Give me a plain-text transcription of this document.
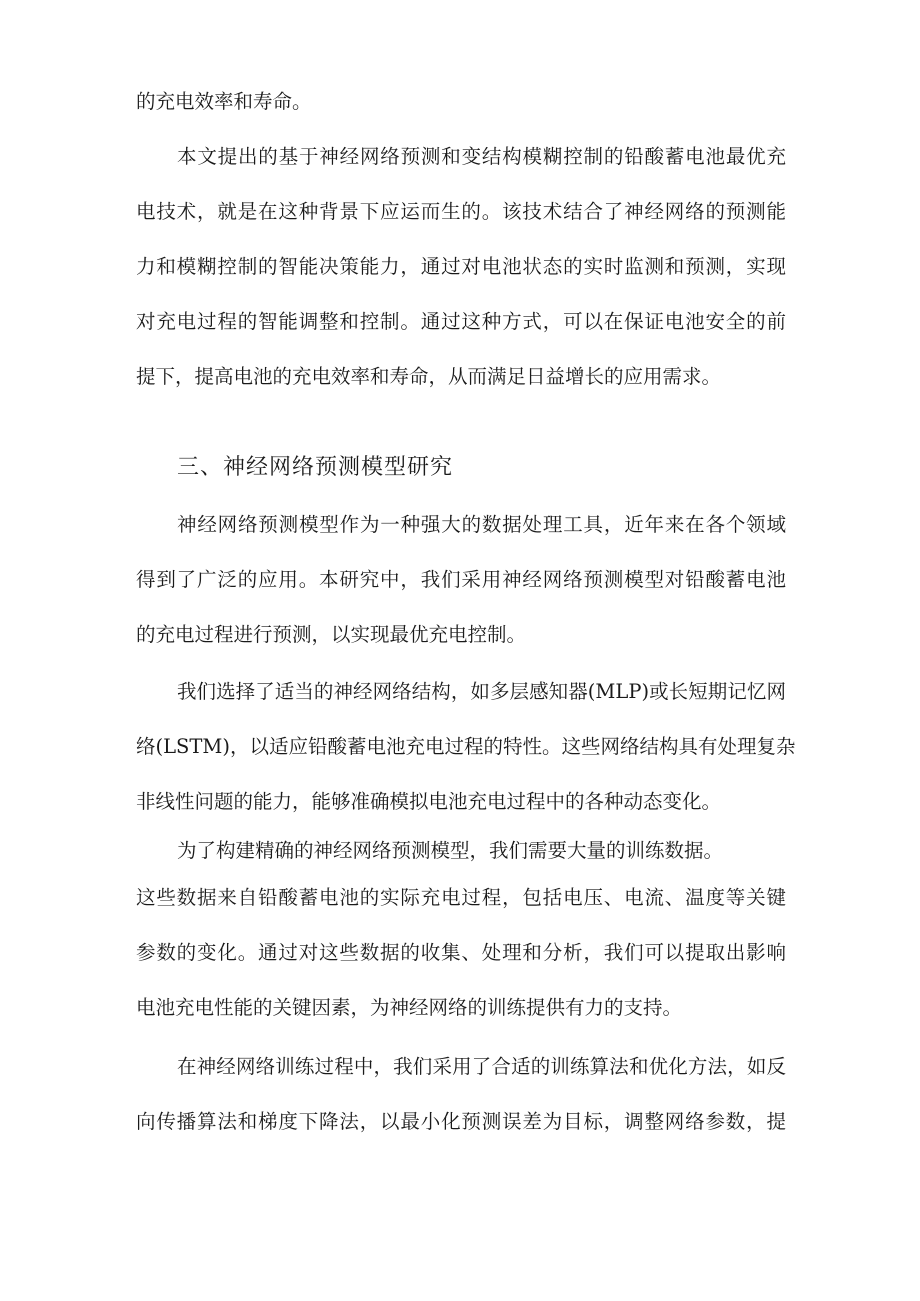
的充电效率和寿命。
本文提出的基于神经网络预测和变结构模糊控制的铅酸蓄电池最优充
电技术，就是在这种背景下应运而生的。该技术结合了神经网络的预测能
力和模糊控制的智能决策能力，通过对电池状态的实时监测和预测，实现
对充电过程的智能调整和控制。通过这种方式，可以在保证电池安全的前
提下，提高电池的充电效率和寿命，从而满足日益增长的应用需求。
三、神经网络预测模型研究
神经网络预测模型作为一种强大的数据处理工具，近年来在各个领域
得到了广泛的应用。本研究中，我们采用神经网络预测模型对铅酸蓄电池
的充电过程进行预测，以实现最优充电控制。
我们选择了适当的神经网络结构，如多层感知器(MLP)或长短期记忆网
络(LSTM)，以适应铅酸蓄电池充电过程的特性。这些网络结构具有处理复杂
非线性问题的能力，能够准确模拟电池充电过程中的各种动态变化。
为了构建精确的神经网络预测模型，我们需要大量的训练数据。
这些数据来自铅酸蓄电池的实际充电过程，包括电压、电流、温度等关键
参数的变化。通过对这些数据的收集、处理和分析，我们可以提取出影响
电池充电性能的关键因素，为神经网络的训练提供有力的支持。
在神经网络训练过程中，我们采用了合适的训练算法和优化方法，如反
向传播算法和梯度下降法，以最小化预测误差为目标，调整网络参数，提
